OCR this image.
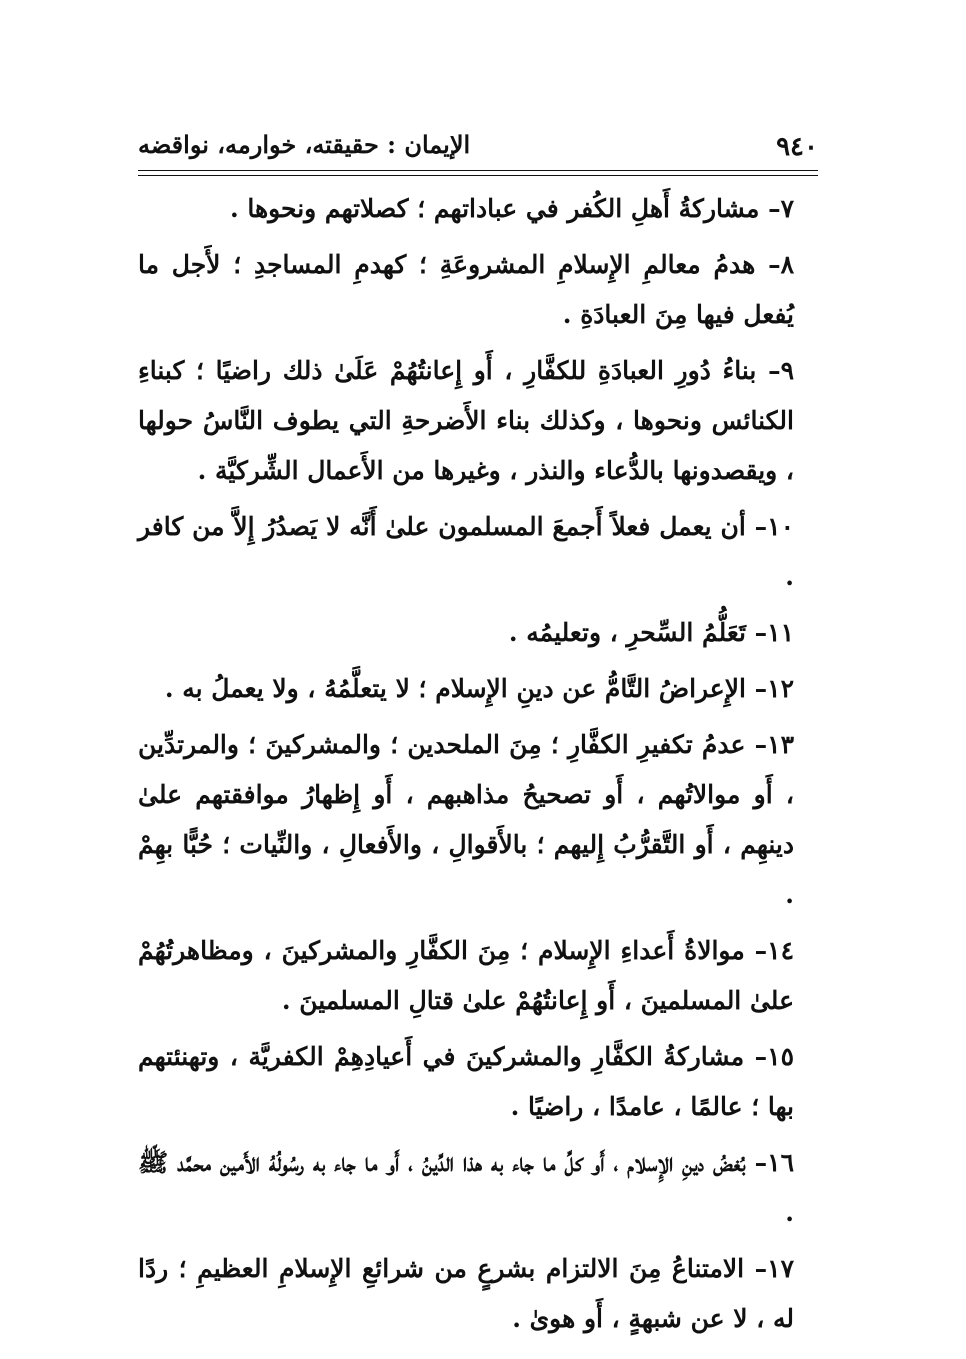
٩٤٠
الإيمان : حقيقته، خوارمه، نواقضه

٧– مشاركةُ أَهلِ الكُفر في عباداتهم ؛ كصلاتهم ونحوها .

٨– هدمُ معالمِ الإِسلامِ المشروعَةِ ؛ كهدمِ المساجدِ ؛ لأَجل ما يُفعل فيها مِنَ العبادَةِ .

٩– بناءُ دُورِ العبادَةِ للكفَّارِ ، أَو إِعانتُهُمْ عَلَىٰ ذلك راضيًا ؛ كبناءِ الكنائس ونحوها ، وكذلك بناء الأَضرحةِ التي يطوف النَّاسُ حولها ، ويقصدونها بالدُّعاء والنذر ، وغيرها من الأَعمال الشِّركيَّة .

١٠– أن يعمل فعلاً أَجمعَ المسلمون علىٰ أَنَّه لا يَصدُرُ إِلاَّ من كافر .

١١– تَعَلُّمُ السِّحرِ ، وتعليمُه .

١٢– الإِعراضُ التَّامُّ عن دينِ الإِسلام ؛ لا يتعلَّمُهُ ، ولا يعملُ به .

١٣– عدمُ تكفيرِ الكفَّارِ ؛ مِنَ الملحدين ؛ والمشركينَ ؛ والمرتدِّين ، أَو موالاتُهم ، أَو تصحيحُ مذاهبهم ، أَو إِظهارُ موافقتهم علىٰ دينهِم ، أَو التَّقرُّبُ إِليهم ؛ بالأَقوالِ ، والأَفعالِ ، والنِّيات ؛ حُبًّا بهِمْ .

١٤– موالاةُ أَعداءِ الإِسلام ؛ مِنَ الكفَّارِ والمشركينَ ، ومظاهرتُهُمْ علىٰ المسلمينَ ، أَو إِعانتُهُمْ علىٰ قتالِ المسلمينَ .

١٥– مشاركةُ الكفَّارِ والمشركينَ في أَعيادِهِمْ الكفريَّة ، وتهنئتهم بها ؛ عالمًا ، عامدًا ، راضيًا .

١٦– بُغضُ دينِ الإِسلام ، أَو كلِّ ما جاء به هذا الدِّينُ ، أَو ما جاء به رسُولُهُ الأَمين محمَّد ﷺ .

١٧– الامتناعُ مِنَ الالتزام بشرعٍ من شرائعِ الإِسلامِ العظيمِ ؛ ردًا له ، لا عن شبهةٍ ، أَو هوىٰ .
